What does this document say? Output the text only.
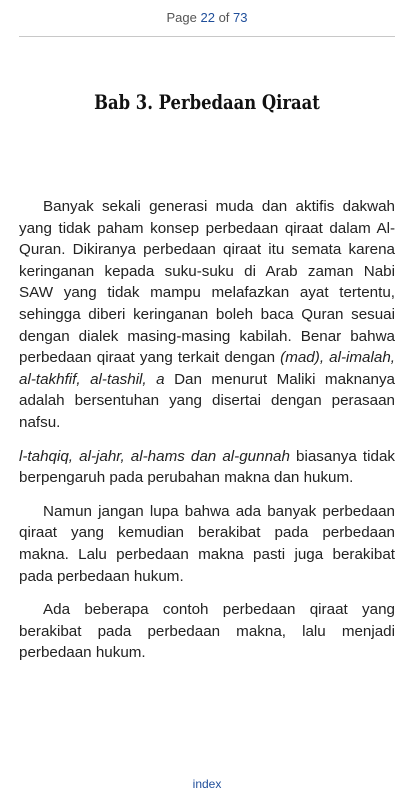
Page 22 of 73
Bab 3. Perbedaan Qiraat

Banyak sekali generasi muda dan aktifis dakwah yang tidak paham konsep perbedaan qiraat dalam Al-Quran. Dikiranya perbedaan qiraat itu semata karena keringanan kepada suku-suku di Arab zaman Nabi SAW yang tidak mampu melafazkan ayat tertentu, sehingga diberi keringanan boleh baca Quran sesuai dengan dialek masing-masing kabilah. Benar bahwa perbedaan qiraat yang terkait dengan (mad), al-imalah, al-takhfif, al-tashil, a Dan menurut Maliki maknanya adalah bersentuhan yang disertai dengan perasaan nafsu.

l-tahqiq, al-jahr, al-hams dan al-gunnah biasanya tidak berpengaruh pada perubahan makna dan hukum.

Namun jangan lupa bahwa ada banyak perbedaan qiraat yang kemudian berakibat pada perbedaan makna. Lalu perbedaan makna pasti juga berakibat pada perbedaan hukum.

Ada beberapa contoh perbedaan qiraat yang berakibat pada perbedaan makna, lalu menjadi perbedaan hukum.

index
